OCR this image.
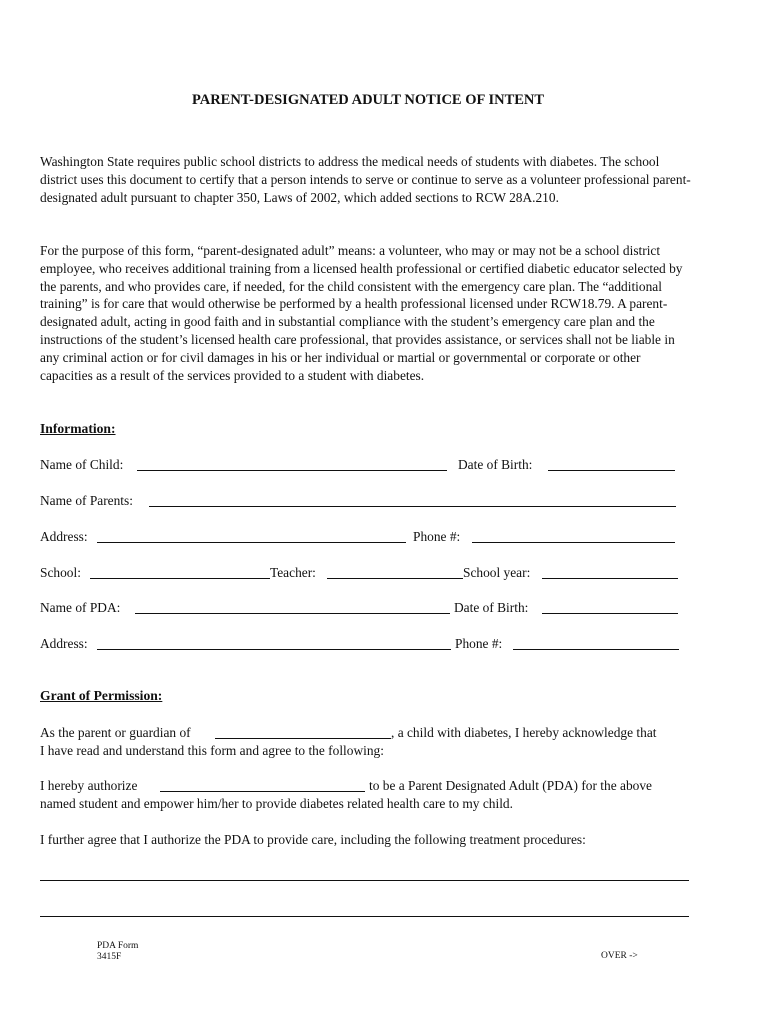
PARENT-DESIGNATED ADULT NOTICE OF INTENT

Washington State requires public school districts to address the medical needs of students with diabetes. The school district uses this document to certify that a person intends to serve or continue to serve as a volunteer professional parent-designated adult pursuant to chapter 350, Laws of 2002, which added sections to RCW 28A.210.

For the purpose of this form, “parent-designated adult” means: a volunteer, who may or may not be a school district employee, who receives additional training from a licensed health professional or certified diabetic educator selected by the parents, and who provides care, if needed, for the child consistent with the emergency care plan. The “additional training” is for care that would otherwise be performed by a health professional licensed under RCW18.79. A parent-designated adult, acting in good faith and in substantial compliance with the student’s emergency care plan and the instructions of the student’s licensed health care professional, that provides assistance, or services shall not be liable in any criminal action or for civil damages in his or her individual or martial or governmental or corporate or other capacities as a result of the services provided to a student with diabetes.

Information:
Name of Child:	Date of Birth:
Name of Parents:
Address:	Phone #:
School:	Teacher:	School year:
Name of PDA:	Date of Birth:
Address:	Phone #:
Grant of Permission:
As the parent or guardian of	, a child with diabetes, I hereby acknowledge that
I have read and understand this form and agree to the following:
I hereby authorize	to be a Parent Designated Adult (PDA) for the above
named student and empower him/her to provide diabetes related health care to my child.
I further agree that I authorize the PDA to provide care, including the following treatment procedures:
PDA Form
3415F	OVER ->
